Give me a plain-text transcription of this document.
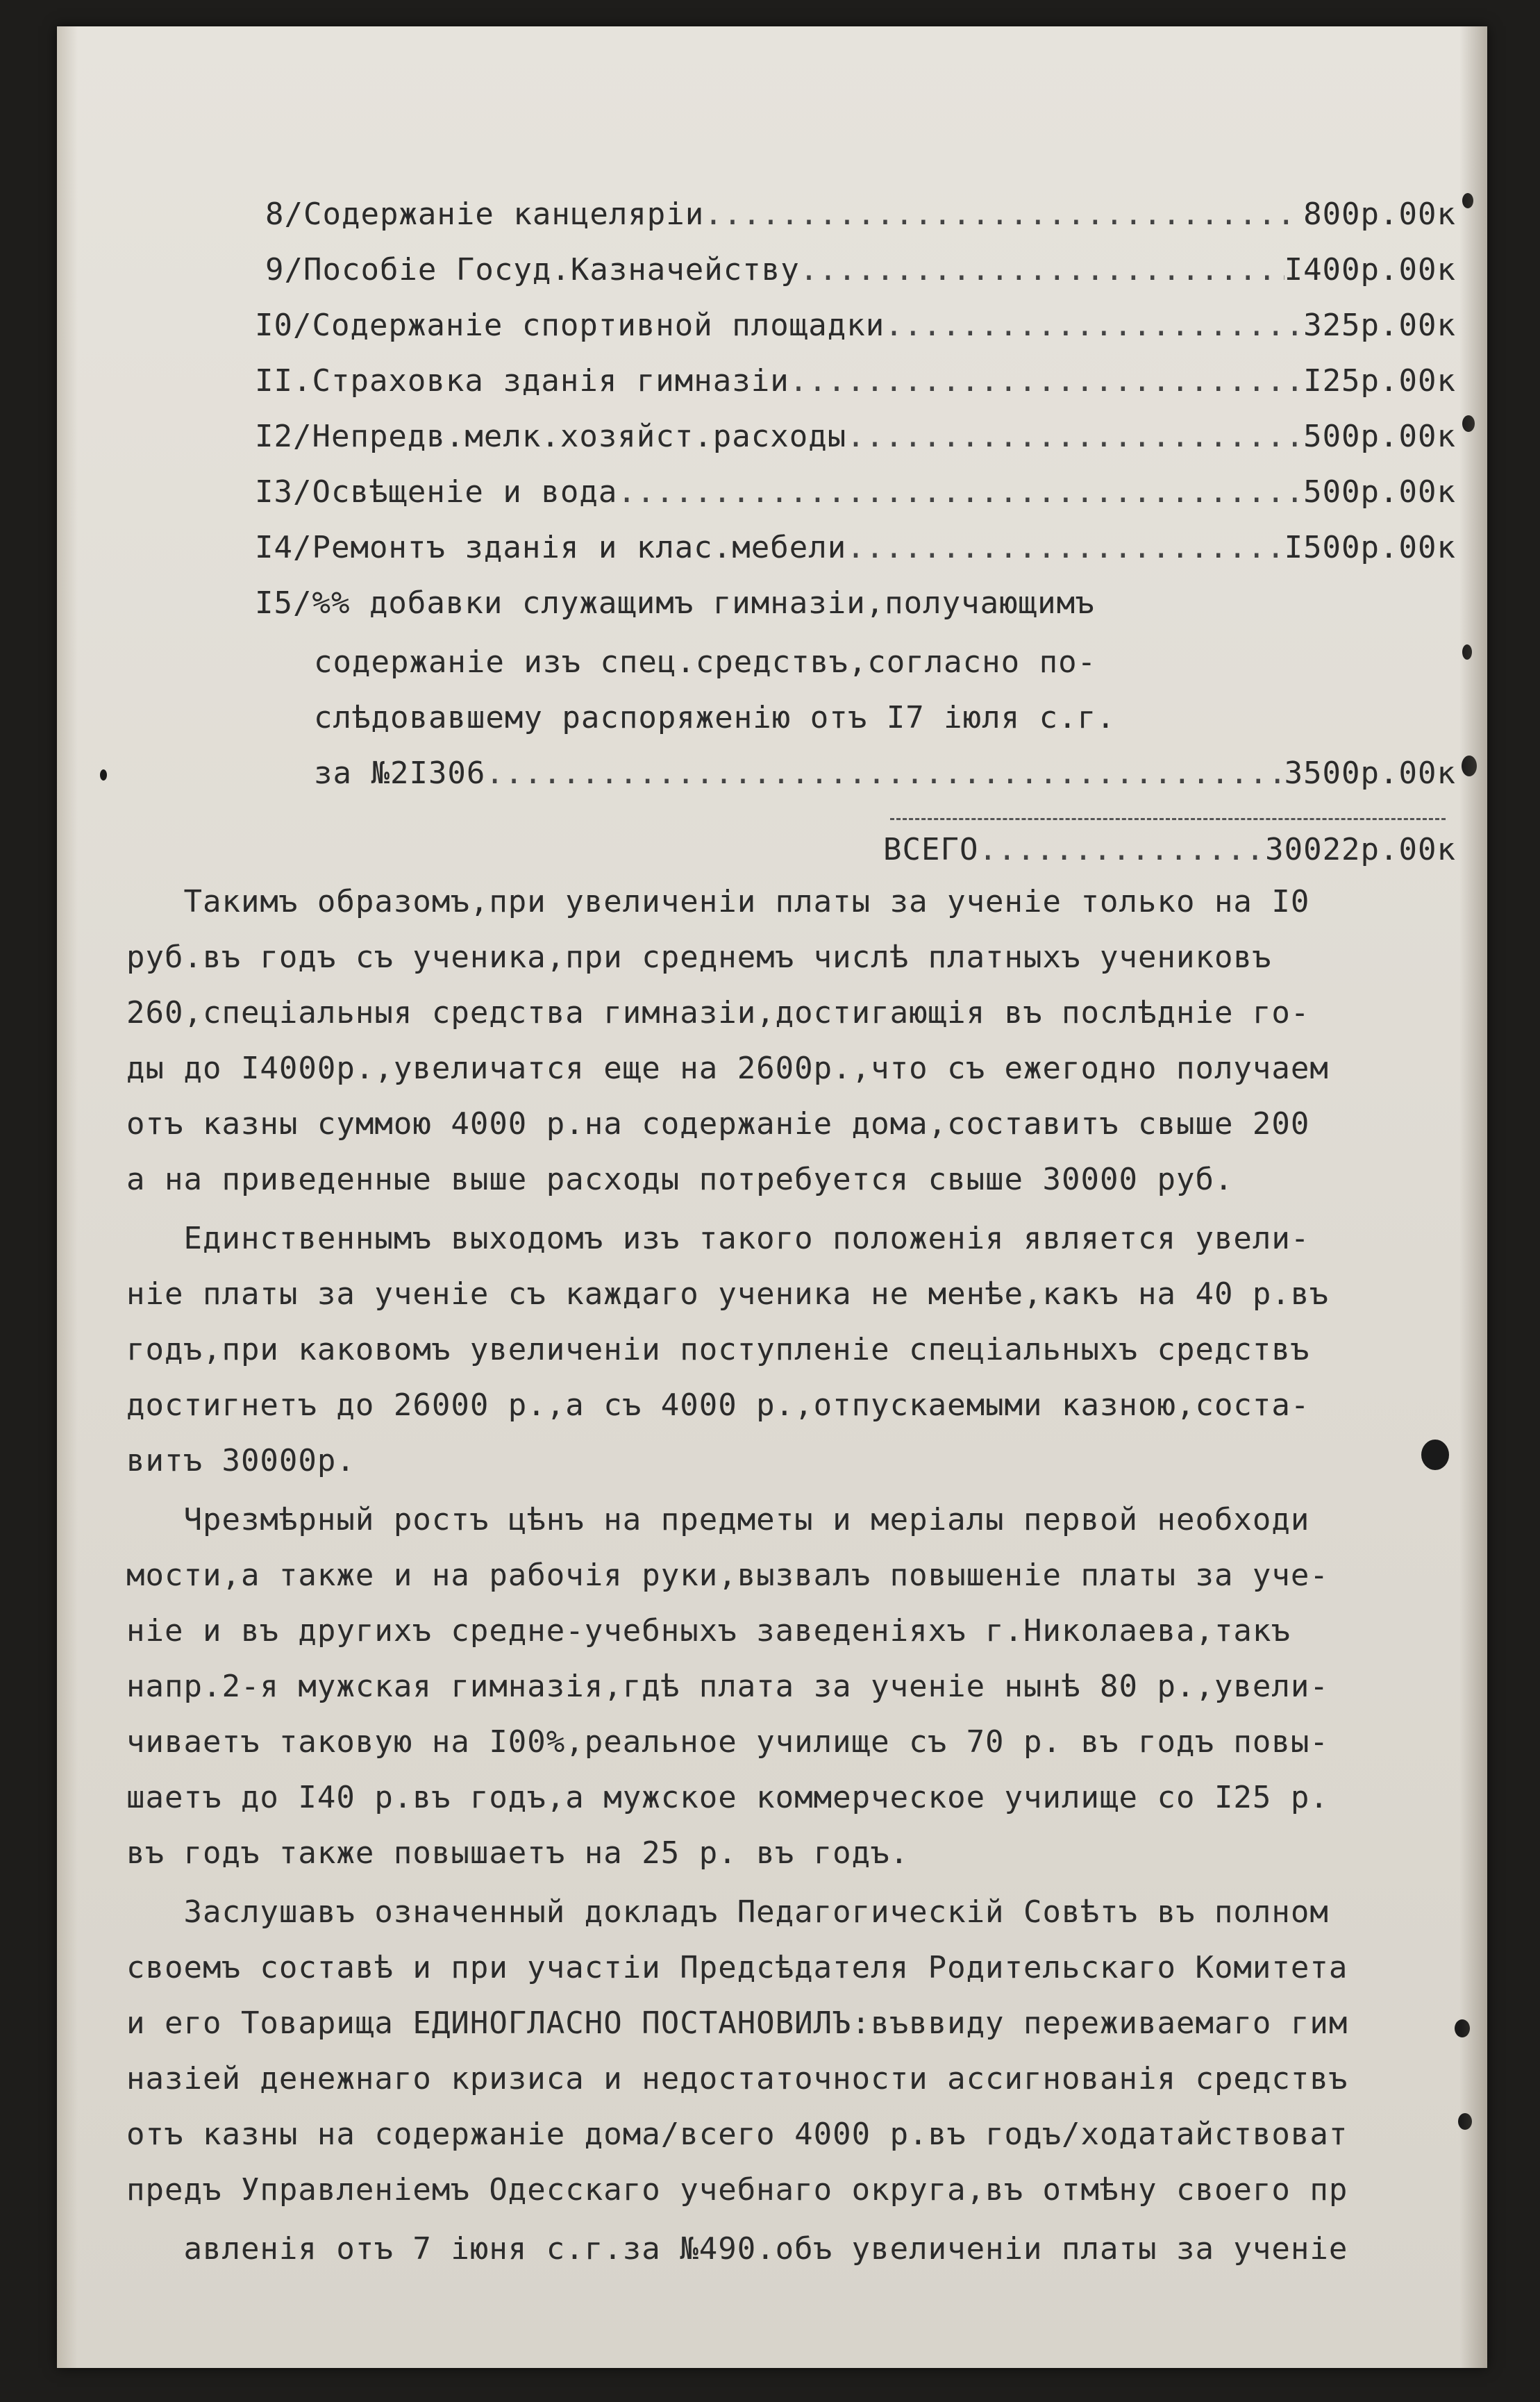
8/Содержаніе канцеляріи .....	800р.00к
9/Пособіе Госуд.Казначейству .....	I400р.00к
I0/Содержаніе спортивной площадки .....	325р.00к
II.Страховка зданія гимназіи .....	I25р.00к
I2/Непредв.мелк.хозяйст.расходы .....	500р.00к
I3/Освѣщеніе и вода .....	500р.00к
I4/Ремонтъ зданія и клас.мебели .....	I500р.00к
I5/%% добавки служащимъ гимназіи,получающимъ
содержаніе изъ спец.средствъ,согласно по-
слѣдовавшему распоряженію отъ I7 іюля с.г.
за №2I306 .....	3500р.00к
ВСЕГО .....	30022р.00к
Такимъ образомъ,при увеличеніи платы за ученіе только на I0
руб.въ годъ съ ученика,при среднемъ числѣ платныхъ учениковъ
260,спеціальныя средства гимназіи,достигающія въ послѣдніе го-
ды до I4000р.,увеличатся еще на 2600р.,что съ ежегодно получаем
отъ казны суммою 4000 р.на содержаніе дома,составитъ свыше 200
а на приведенные выше расходы потребуется свыше 30000 руб.
Единственнымъ выходомъ изъ такого положенія является увели-
ніе платы за ученіе съ каждаго ученика не менѣе,какъ на 40 р.въ
годъ,при каковомъ увеличеніи поступленіе спеціальныхъ средствъ
достигнетъ до 26000 р.,а съ 4000 р.,отпускаемыми казною,соста-
витъ 30000р.
Чрезмѣрный ростъ цѣнъ на предметы и меріалы первой необходи
мости,а также и на рабочія руки,вызвалъ повышеніе платы за уче-
ніе и въ другихъ средне-учебныхъ заведеніяхъ г.Николаева,такъ
напр.2-я мужская гимназія,гдѣ плата за ученіе нынѣ 80 р.,увели-
чиваетъ таковую на I00%,реальное училище съ 70 р. въ годъ повы-
шаетъ до I40 р.въ годъ,а мужское коммерческое училище со I25 р.
въ годъ также повышаетъ на 25 р. въ годъ.
Заслушавъ означенный докладъ Педагогическій Совѣтъ въ полном
своемъ составѣ и при участіи Предсѣдателя Родительскаго Комитета
и его Товарища ЕДИНОГЛАСНО ПОСТАНОВИЛЪ:въввиду переживаемаго гим
назіей денежнаго кризиса и недостаточности ассигнованія средствъ
отъ казны на содержаніе дома/всего 4000 р.въ годъ/ходатайствоват
предъ Управленіемъ Одесскаго учебнаго округа,въ отмѣну своего пр
авленія отъ 7 іюня с.г.за №490.объ увеличеніи платы за ученіе
